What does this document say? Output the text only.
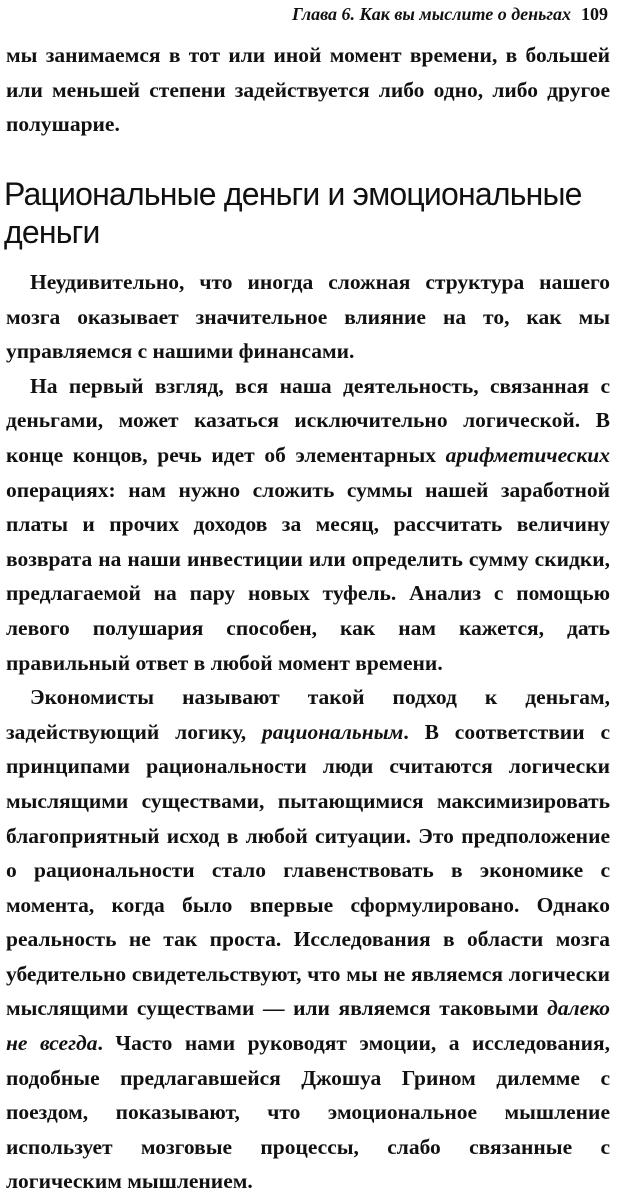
Глава 6. Как вы мыслите о деньгах 109

мы занимаемся в тот или иной момент времени, в большей или меньшей степени задействуется либо одно, либо другое полушарие.

Рациональные деньги и эмоциональные деньги

Неудивительно, что иногда сложная структура нашего мозга оказывает значительное влияние на то, как мы управляемся с нашими финансами.

На первый взгляд, вся наша деятельность, связанная с деньгами, может казаться исключительно логической. В конце концов, речь идет об элементарных арифметических операциях: нам нужно сложить суммы нашей заработной платы и прочих доходов за месяц, рассчитать величину возврата на наши инвестиции или определить сумму скидки, предлагаемой на пару новых туфель. Анализ с помощью левого полушария способен, как нам кажется, дать правильный ответ в любой момент времени.

Экономисты называют такой подход к деньгам, задействующий логику, рациональным. В соответствии с принципами рациональности люди считаются логически мыслящими существами, пытающимися максимизировать благоприятный исход в любой ситуации. Это предположение о рациональности стало главенствовать в экономике с момента, когда было впервые сформулировано. Однако реальность не так проста. Исследования в области мозга убедительно свидетельствуют, что мы не являемся логически мыслящими существами — или являемся таковыми далеко не всегда. Часто нами руководят эмоции, а исследования, подобные предлагавшейся Джошуа Грином дилемме с поездом, показывают, что эмоциональное мышление использует мозговые процессы, слабо связанные с логическим мышлением.
